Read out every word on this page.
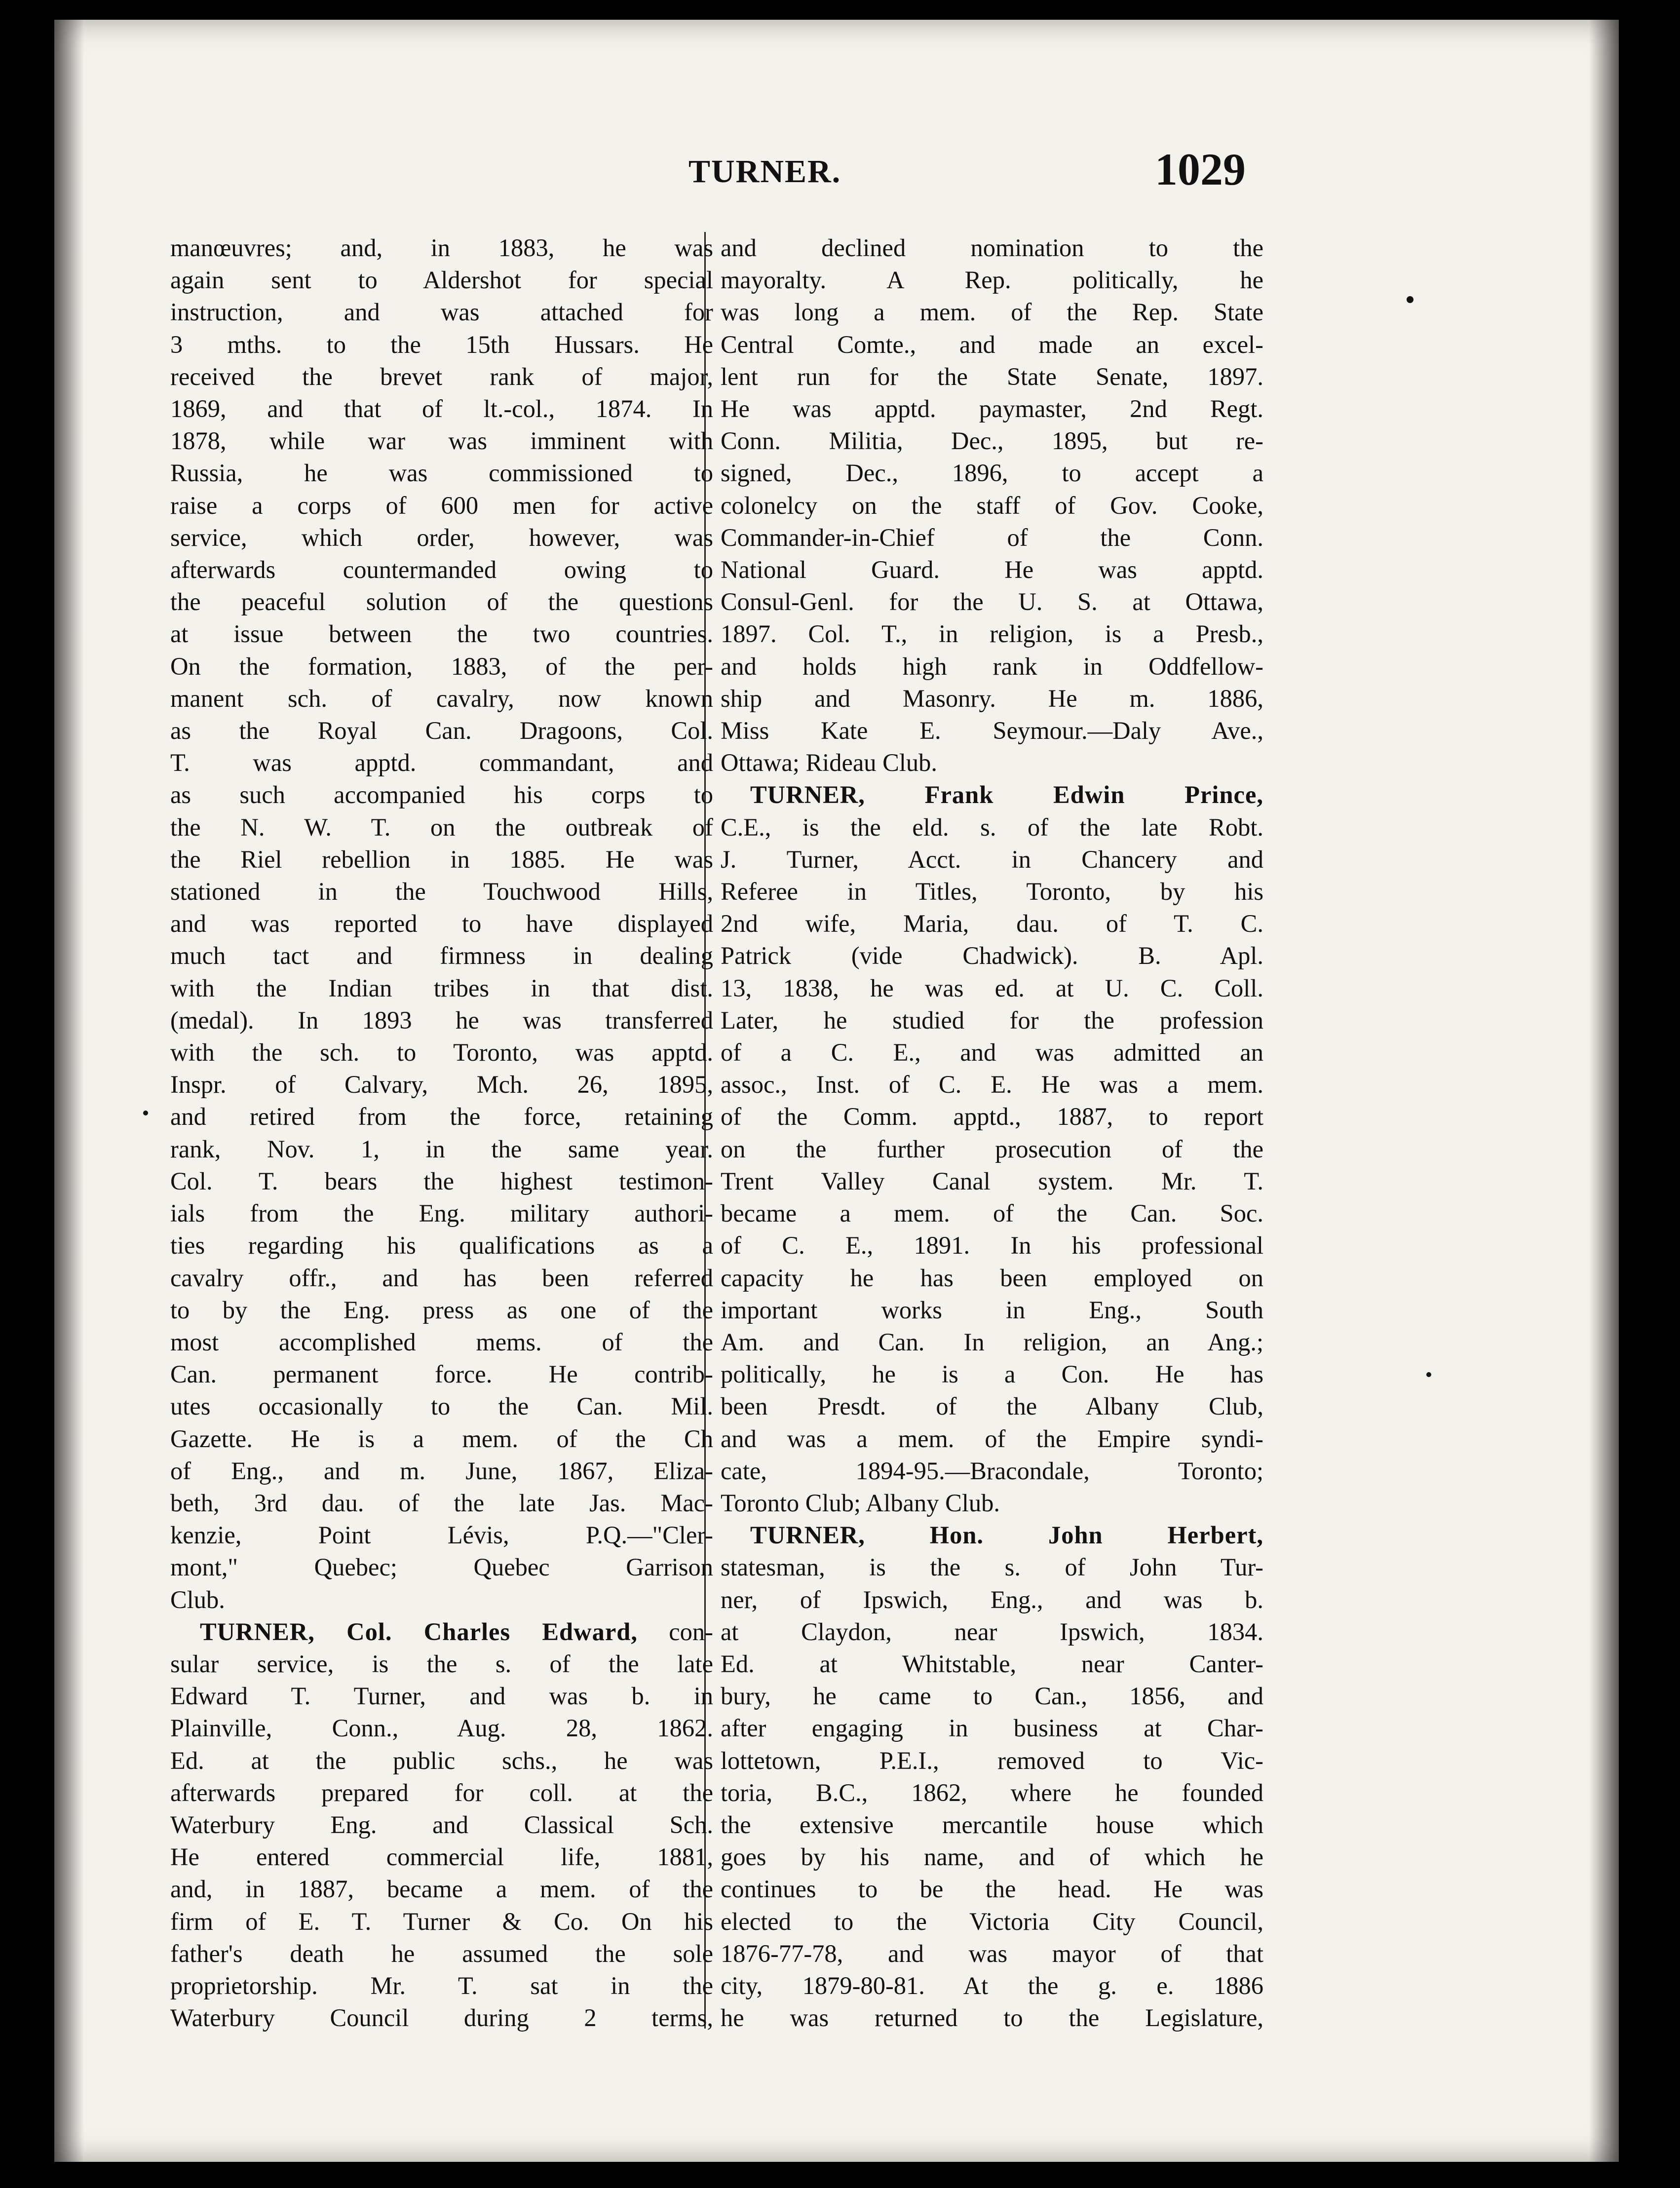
TURNER.	1029
manœuvres; and, in 1883, he was
again sent to Aldershot for special
instruction, and was attached for
3 mths. to the 15th Hussars. He
received the brevet rank of major,
1869, and that of lt.-col., 1874. In
1878, while war was imminent with
Russia, he was commissioned to
raise a corps of 600 men for active
service, which order, however, was
afterwards countermanded owing to
the peaceful solution of the questions
at issue between the two countries.
On the formation, 1883, of the per-
manent sch. of cavalry, now known
as the Royal Can. Dragoons, Col.
T. was apptd. commandant, and
as such accompanied his corps to
the N. W. T. on the outbreak of
the Riel rebellion in 1885. He was
stationed in the Touchwood Hills,
and was reported to have displayed
much tact and firmness in dealing
with the Indian tribes in that dist.
(medal). In 1893 he was transferred
with the sch. to Toronto, was apptd.
Inspr. of Calvary, Mch. 26, 1895,
and retired from the force, retaining
rank, Nov. 1, in the same year.
Col. T. bears the highest testimon-
ials from the Eng. military authori-
ties regarding his qualifications as a
cavalry offr., and has been referred
to by the Eng. press as one of the
most accomplished mems. of the
Can. permanent force. He contrib-
utes occasionally to the Can. Mil.
Gazette. He is a mem. of the Ch
of Eng., and m. June, 1867, Eliza-
beth, 3rd dau. of the late Jas. Mac-
kenzie, Point Lévis, P.Q.—"Cler-
mont," Quebec; Quebec Garrison
Club.
TURNER, Col. Charles Edward, con-
sular service, is the s. of the late
Edward T. Turner, and was b. in
Plainville, Conn., Aug. 28, 1862.
Ed. at the public schs., he was
afterwards prepared for coll. at the
Waterbury Eng. and Classical Sch.
He entered commercial life, 1881,
and, in 1887, became a mem. of the
firm of E. T. Turner & Co. On his
father's death he assumed the sole
proprietorship. Mr. T. sat in the
Waterbury Council during 2 terms,
and declined nomination to the
mayoralty. A Rep. politically, he
was long a mem. of the Rep. State
Central Comte., and made an excel-
lent run for the State Senate, 1897.
He was apptd. paymaster, 2nd Regt.
Conn. Militia, Dec., 1895, but re-
signed, Dec., 1896, to accept a
colonelcy on the staff of Gov. Cooke,
Commander-in-Chief of the Conn.
National Guard. He was apptd.
Consul-Genl. for the U. S. at Ottawa,
1897. Col. T., in religion, is a Presb.,
and holds high rank in Oddfellow-
ship and Masonry. He m. 1886,
Miss Kate E. Seymour.—Daly Ave.,
Ottawa; Rideau Club.
TURNER, Frank Edwin Prince,
C.E., is the eld. s. of the late Robt.
J. Turner, Acct. in Chancery and
Referee in Titles, Toronto, by his
2nd wife, Maria, dau. of T. C.
Patrick (vide Chadwick). B. Apl.
13, 1838, he was ed. at U. C. Coll.
Later, he studied for the profession
of a C. E., and was admitted an
assoc., Inst. of C. E. He was a mem.
of the Comm. apptd., 1887, to report
on the further prosecution of the
Trent Valley Canal system. Mr. T.
became a mem. of the Can. Soc.
of C. E., 1891. In his professional
capacity he has been employed on
important works in Eng., South
Am. and Can. In religion, an Ang.;
politically, he is a Con. He has
been Presdt. of the Albany Club,
and was a mem. of the Empire syndi-
cate, 1894-95.—Bracondale, Toronto;
Toronto Club; Albany Club.
TURNER, Hon. John Herbert,
statesman, is the s. of John Tur-
ner, of Ipswich, Eng., and was b.
at Claydon, near Ipswich, 1834.
Ed. at Whitstable, near Canter-
bury, he came to Can., 1856, and
after engaging in business at Char-
lottetown, P.E.I., removed to Vic-
toria, B.C., 1862, where he founded
the extensive mercantile house which
goes by his name, and of which he
continues to be the head. He was
elected to the Victoria City Council,
1876-77-78, and was mayor of that
city, 1879-80-81. At the g. e. 1886
he was returned to the Legislature,
